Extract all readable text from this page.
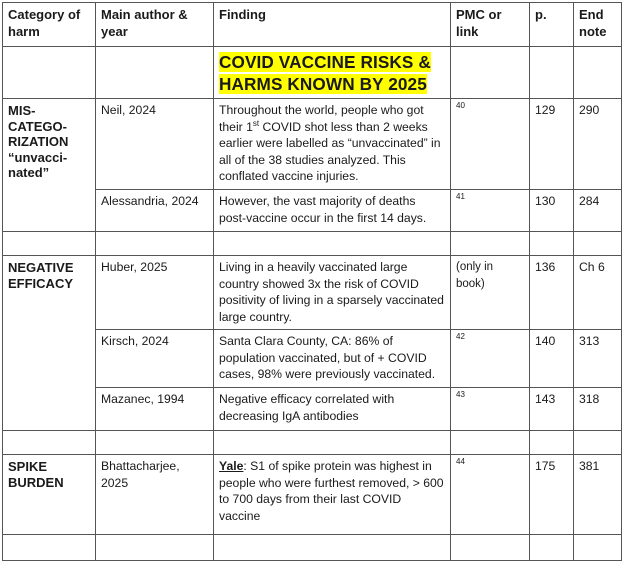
Category of harm	Main author & year	Finding	PMC or link	p.	End note
		COVID VACCINE RISKS &
HARMS KNOWN BY 2025			
MIS-
CATEGO-
RIZATION
“unvacci-
nated”	Neil, 2024	Throughout the world, people who got their 1st COVID shot less than 2 weeks earlier were labelled as “unvaccinated” in all of the 38 studies analyzed. This conflated vaccine injuries.	$^{40}$	129	290
	Alessandria, 2024	However, the vast majority of deaths post-vaccine occur in the first 14 days.	$^{41}$	130	284

NEGATIVE
EFFICACY	Huber, 2025	Living in a heavily vaccinated large country showed 3x the risk of COVID positivity of living in a sparsely vaccinated large country.	(only in book)	136	Ch 6
	Kirsch, 2024	Santa Clara County, CA: 86% of population vaccinated, but of + COVID cases, 98% were previously vaccinated.	$^{42}$	140	313
	Mazanec, 1994	Negative efficacy correlated with decreasing IgA antibodies	$^{43}$	143	318

SPIKE
BURDEN	Bhattacharjee, 2025	Yale: S1 of spike protein was highest in people who were furthest removed, > 600 to 700 days from their last COVID vaccine	$^{44}$	175	381
